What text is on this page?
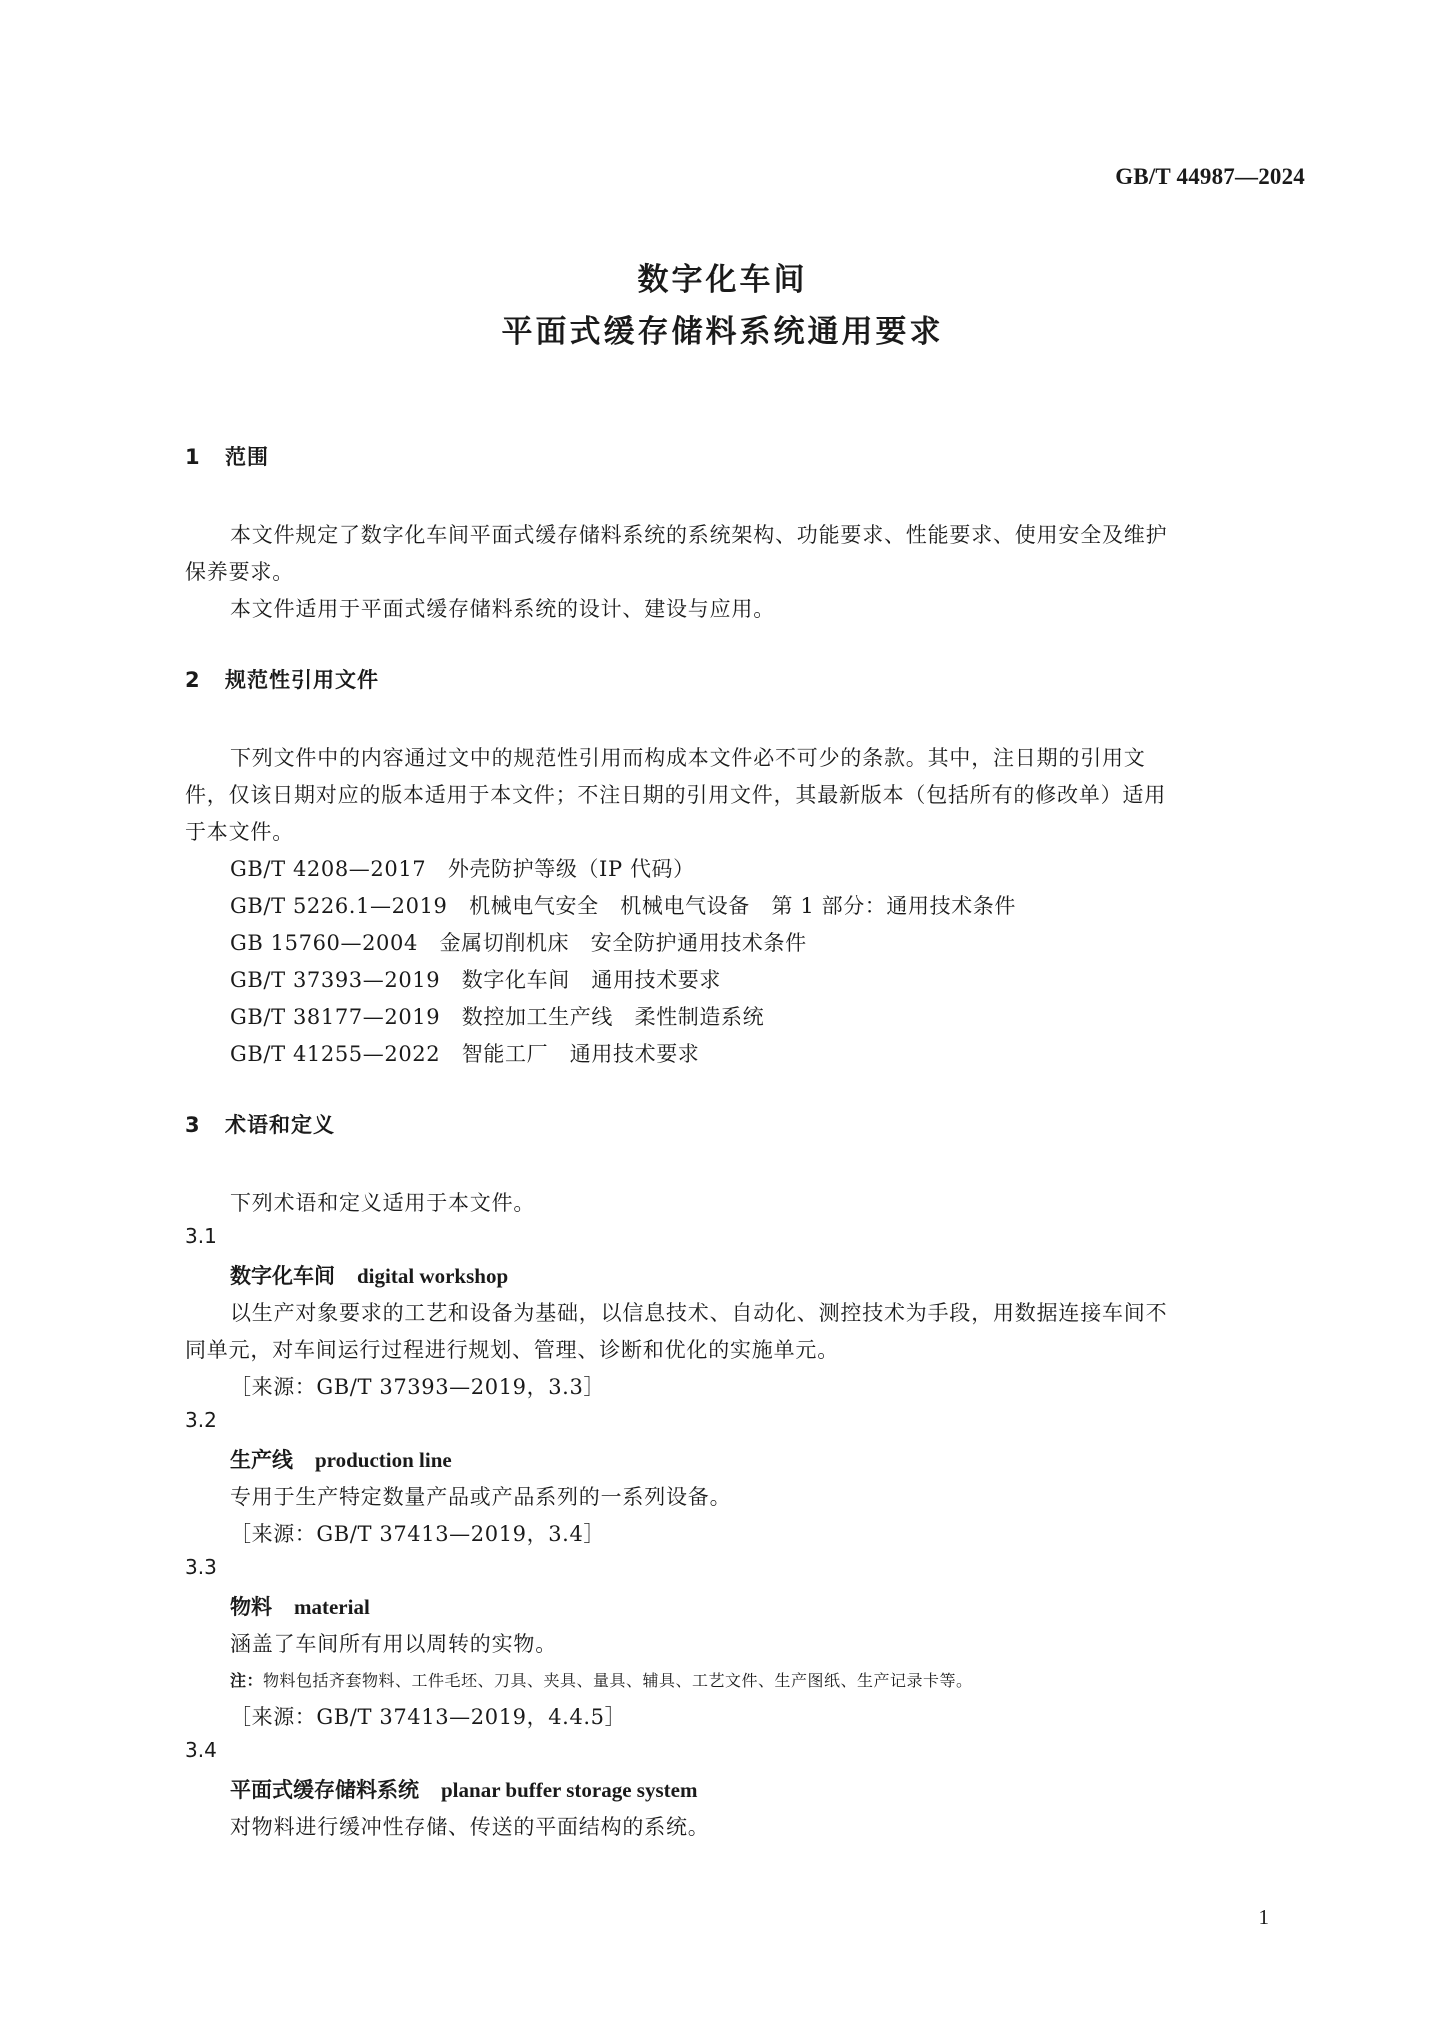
GB/T 44987—2024
数字化车间
平面式缓存储料系统通用要求
1 范围
本文件规定了数字化车间平面式缓存储料系统的系统架构、功能要求、性能要求、使用安全及维护
保养要求。
本文件适用于平面式缓存储料系统的设计、建设与应用。
2 规范性引用文件
下列文件中的内容通过文中的规范性引用而构成本文件必不可少的条款。其中，注日期的引用文
件，仅该日期对应的版本适用于本文件；不注日期的引用文件，其最新版本（包括所有的修改单）适用
于本文件。
GB/T 4208—2017　外壳防护等级（IP 代码）
GB/T 5226.1—2019　机械电气安全　机械电气设备　第 1 部分：通用技术条件
GB 15760—2004　金属切削机床　安全防护通用技术条件
GB/T 37393—2019　数字化车间　通用技术要求
GB/T 38177—2019　数控加工生产线　柔性制造系统
GB/T 41255—2022　智能工厂　通用技术要求
3 术语和定义
下列术语和定义适用于本文件。
3.1
数字化车间 digital workshop
以生产对象要求的工艺和设备为基础，以信息技术、自动化、测控技术为手段，用数据连接车间不
同单元，对车间运行过程进行规划、管理、诊断和优化的实施单元。
［来源：GB/T 37393—2019，3.3］
3.2
生产线 production line
专用于生产特定数量产品或产品系列的一系列设备。
［来源：GB/T 37413—2019，3.4］
3.3
物料 material
涵盖了车间所有用以周转的实物。
注：物料包括齐套物料、工件毛坯、刀具、夹具、量具、辅具、工艺文件、生产图纸、生产记录卡等。
［来源：GB/T 37413—2019，4.4.5］
3.4
平面式缓存储料系统 planar buffer storage system
对物料进行缓冲性存储、传送的平面结构的系统。
1
